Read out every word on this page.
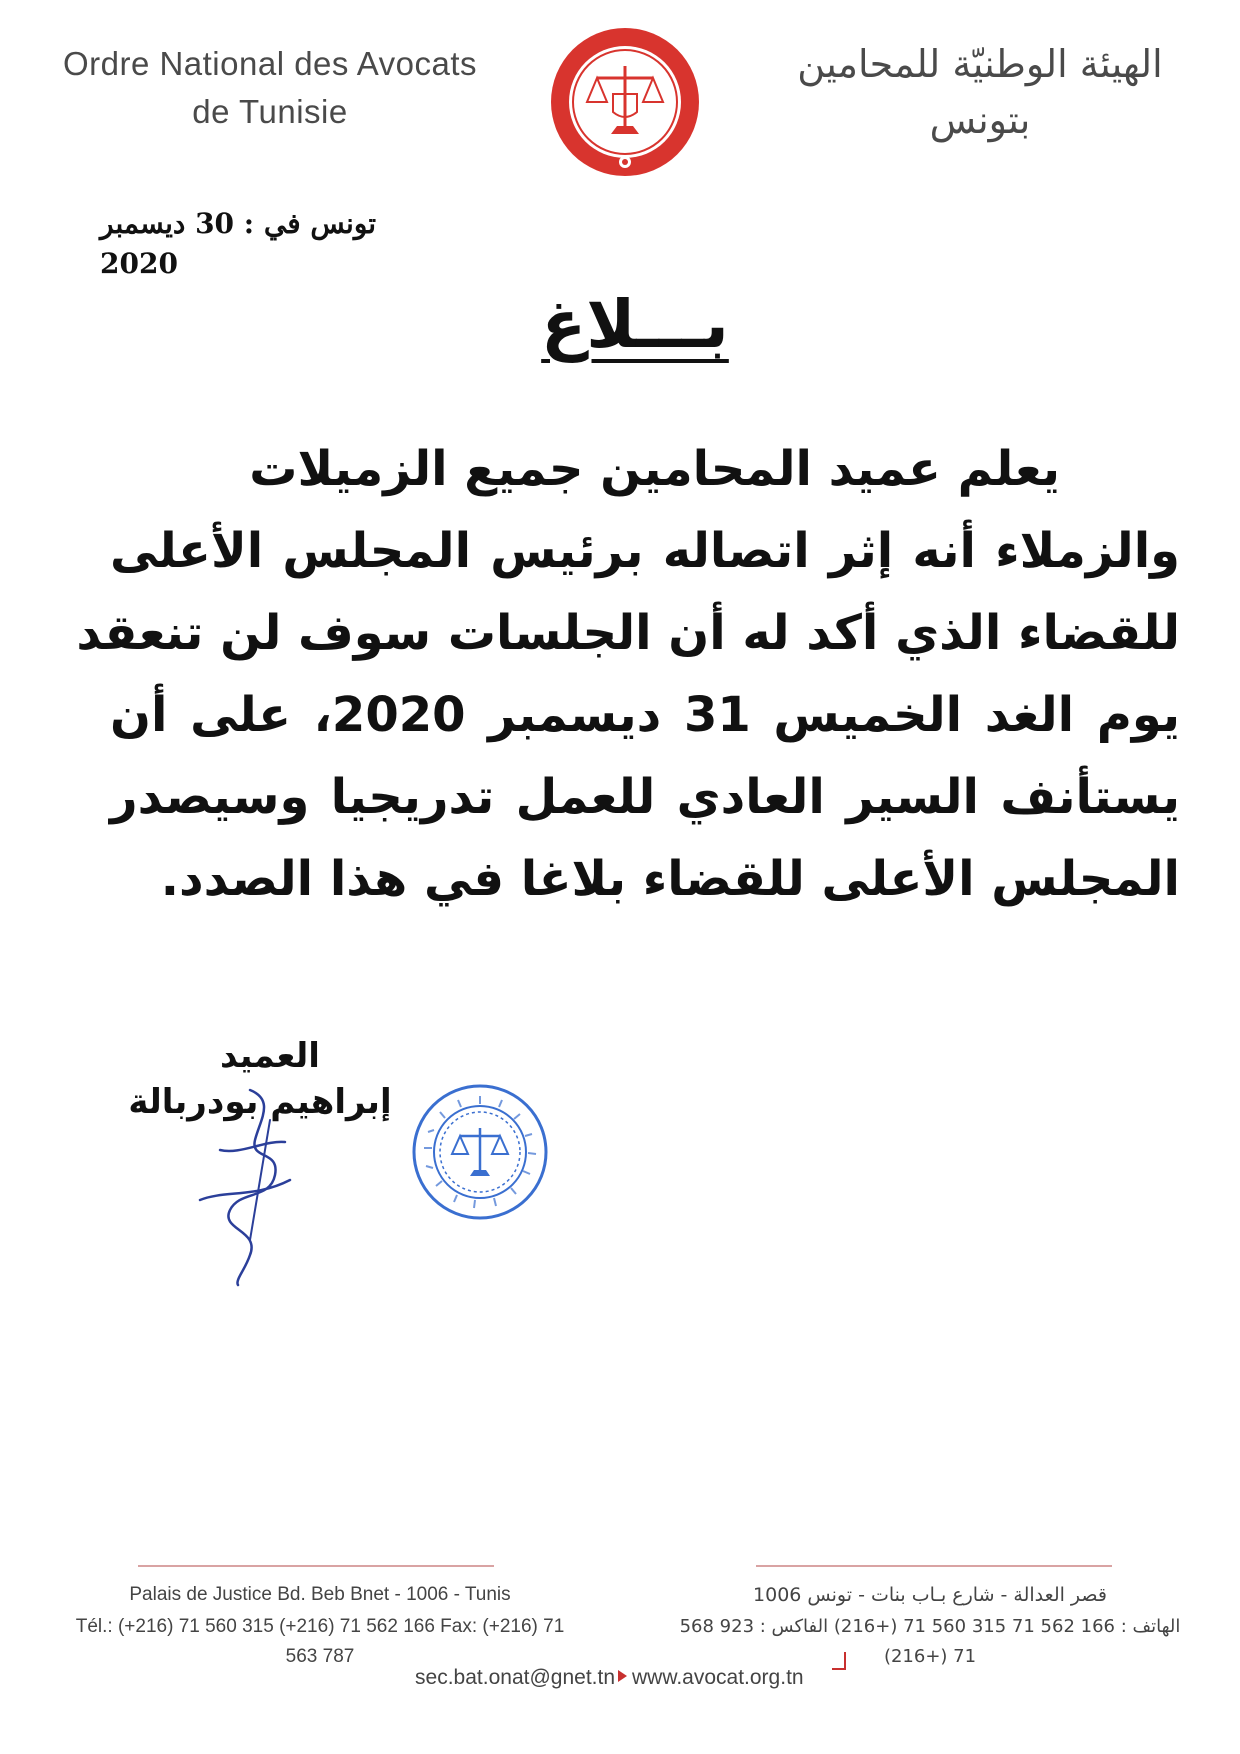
Ordre National des Avocats
de Tunisie
الهيئة الوطنيّة للمحامين
بتونس
تونس في : 30 ديسمبر 2020
بـــلاغ
يعلم عميد المحامين جميع الزميلات
والزملاء أنه إثر اتصاله برئيس المجلس الأعلى
للقضاء الذي أكد له أن الجلسات سوف لن تنعقد
يوم الغد الخميس 31 ديسمبر 2020، على أن
يستأنف السير العادي للعمل تدريجيا وسيصدر
المجلس الأعلى للقضاء بلاغا في هذا الصدد.
العميد
إبراهيم بودربالة
Palais de Justice Bd. Beb Bnet - 1006 - Tunis
Tél.: (+216) 71 560 315 (+216) 71 562 166 Fax: (+216) 71 563 787
قصر العدالة - شارع بـاب بنات - تونس 1006
الهاتف : 166 562 71 315 560 71 (+216) الفاكس : 923 568 71 (+216)
sec.bat.onat@gnet.tn www.avocat.org.tn
